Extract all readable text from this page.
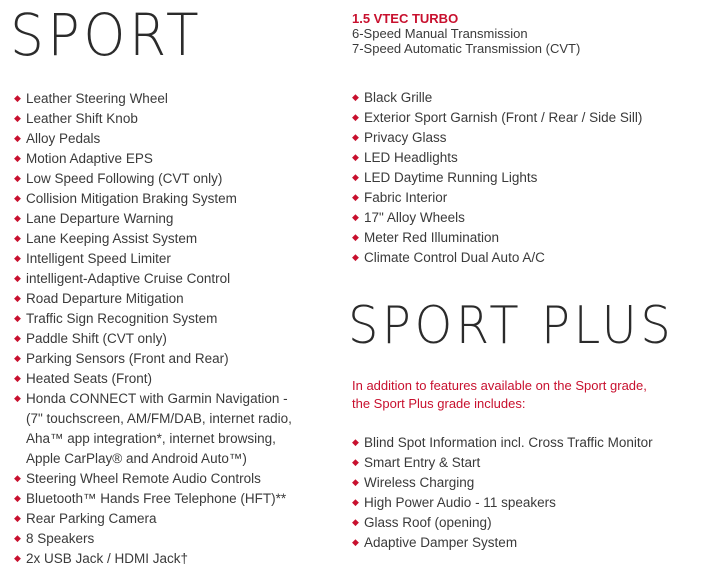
SPORT	1.5 VTEC TURBO
6-Speed Manual Transmission
7-Speed Automatic Transmission (CVT)
◆ Leather Steering Wheel
◆ Leather Shift Knob
◆ Alloy Pedals
◆ Motion Adaptive EPS
◆ Low Speed Following (CVT only)
◆ Collision Mitigation Braking System
◆ Lane Departure Warning
◆ Lane Keeping Assist System
◆ Intelligent Speed Limiter
◆ intelligent-Adaptive Cruise Control
◆ Road Departure Mitigation
◆ Traffic Sign Recognition System
◆ Paddle Shift (CVT only)
◆ Parking Sensors (Front and Rear)
◆ Heated Seats (Front)
◆ Honda CONNECT with Garmin Navigation -
(7" touchscreen, AM/FM/DAB, internet radio,
Aha™ app integration*, internet browsing,
Apple CarPlay® and Android Auto™)
◆ Steering Wheel Remote Audio Controls
◆ Bluetooth™ Hands Free Telephone (HFT)**
◆ Rear Parking Camera
◆ 8 Speakers
◆ 2x USB Jack / HDMI Jack†
◆ Black Grille
◆ Exterior Sport Garnish (Front / Rear / Side Sill)
◆ Privacy Glass
◆ LED Headlights
◆ LED Daytime Running Lights
◆ Fabric Interior
◆ 17" Alloy Wheels
◆ Meter Red Illumination
◆ Climate Control Dual Auto A/C
SPORT PLUS
In addition to features available on the Sport grade,
the Sport Plus grade includes:
◆ Blind Spot Information incl. Cross Traffic Monitor
◆ Smart Entry & Start
◆ Wireless Charging
◆ High Power Audio - 11 speakers
◆ Glass Roof (opening)
◆ Adaptive Damper System
